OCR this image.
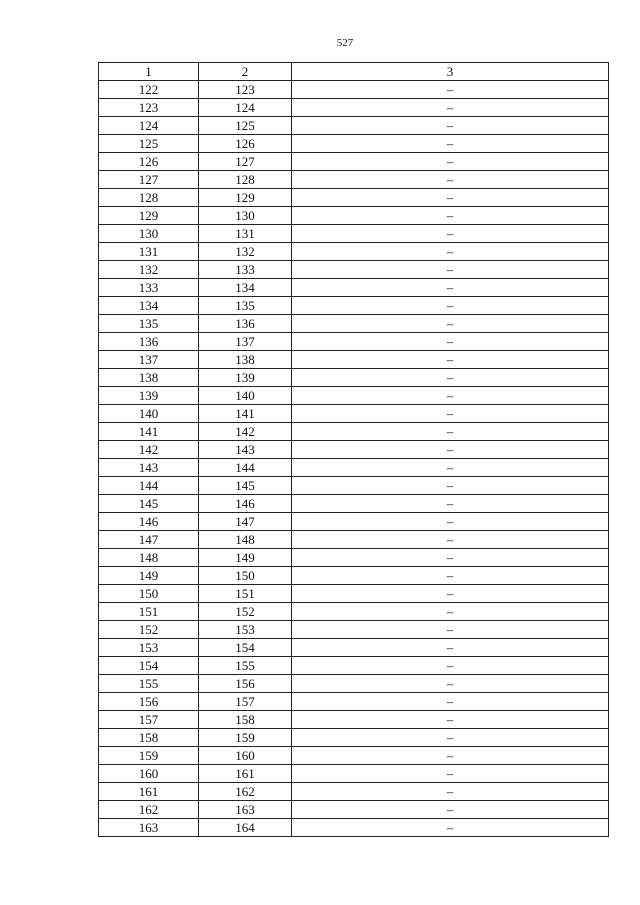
527
1	2	3
122	123	–
123	124	–
124	125	–
125	126	–
126	127	–
127	128	–
128	129	–
129	130	–
130	131	–
131	132	–
132	133	–
133	134	–
134	135	–
135	136	–
136	137	–
137	138	–
138	139	–
139	140	–
140	141	–
141	142	–
142	143	–
143	144	–
144	145	–
145	146	–
146	147	–
147	148	–
148	149	–
149	150	–
150	151	–
151	152	–
152	153	–
153	154	–
154	155	–
155	156	–
156	157	–
157	158	–
158	159	–
159	160	–
160	161	–
161	162	–
162	163	–
163	164	–
